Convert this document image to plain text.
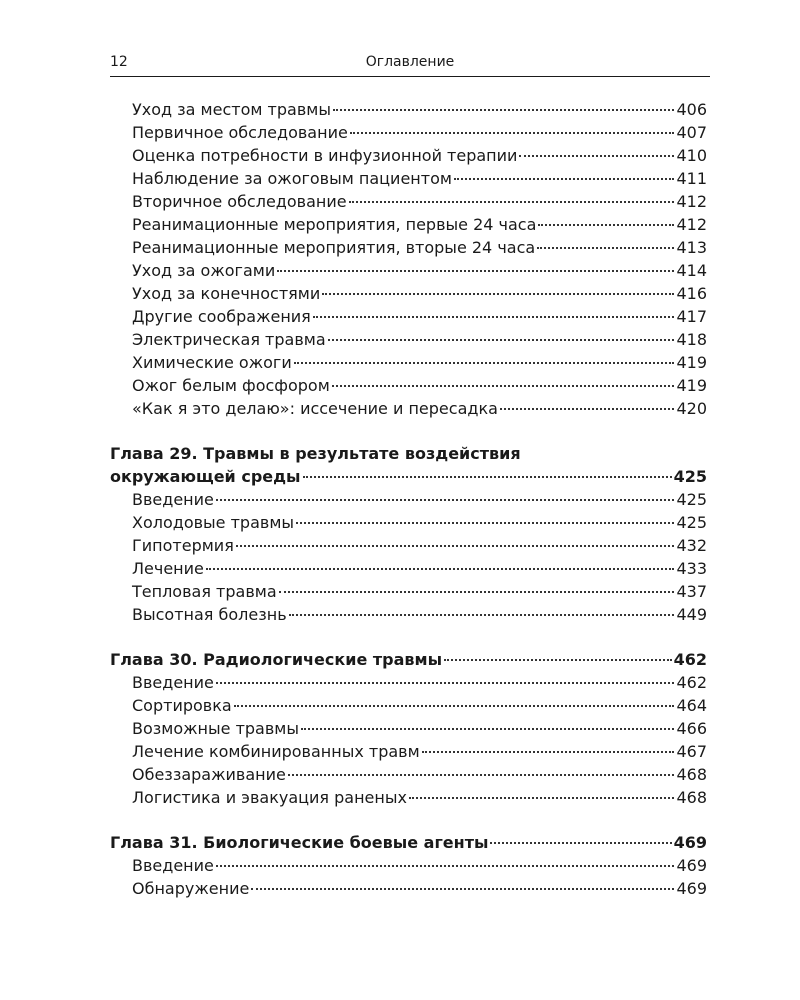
12	Оглавление
Уход за местом травмы	406
Первичное обследование	407
Оценка потребности в инфузионной терапии	410
Наблюдение за ожоговым пациентом	411
Вторичное обследование	412
Реанимационные мероприятия, первые 24 часа	412
Реанимационные мероприятия, вторые 24 часа	413
Уход за ожогами	414
Уход за конечностями	416
Другие соображения	417
Электрическая травма	418
Химические ожоги	419
Ожог белым фосфором	419
«Как я это делаю»: иссечение и пересадка	420
Глава 29. Травмы в результате воздействия
окружающей среды	425
Введение	425
Холодовые травмы	425
Гипотермия	432
Лечение	433
Тепловая травма	437
Высотная болезнь	449
Глава 30. Радиологические травмы	462
Введение	462
Сортировка	464
Возможные травмы	466
Лечение комбинированных травм	467
Обеззараживание	468
Логистика и эвакуация раненых	468
Глава 31. Биологические боевые агенты	469
Введение	469
Обнаружение	469
